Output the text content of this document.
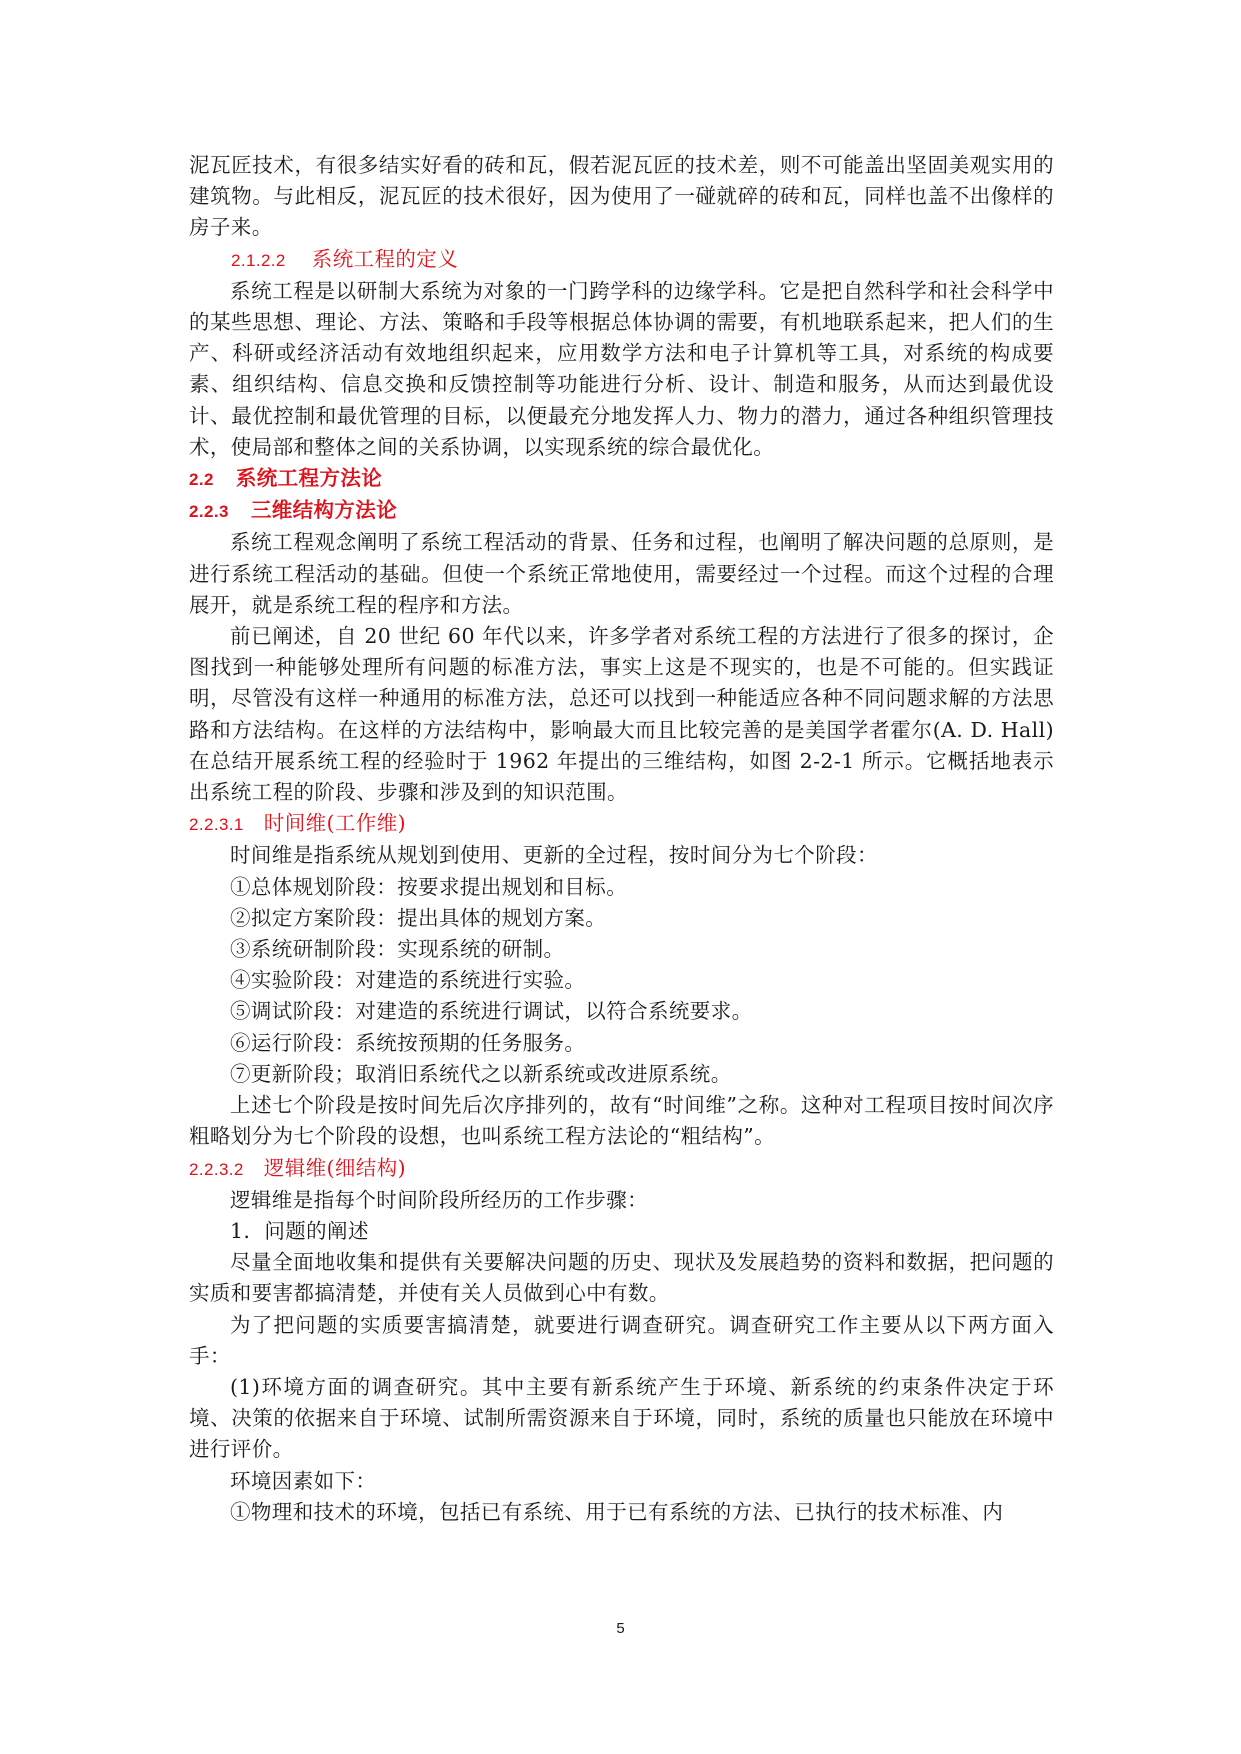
泥瓦匠技术，有很多结实好看的砖和瓦，假若泥瓦匠的技术差，则不可能盖出坚固美观实用的建筑物。与此相反，泥瓦匠的技术很好，因为使用了一碰就碎的砖和瓦，同样也盖不出像样的房子来。

2.1.2.2 系统工程的定义

系统工程是以研制大系统为对象的一门跨学科的边缘学科。它是把自然科学和社会科学中的某些思想、理论、方法、策略和手段等根据总体协调的需要，有机地联系起来，把人们的生产、科研或经济活动有效地组织起来，应用数学方法和电子计算机等工具，对系统的构成要素、组织结构、信息交换和反馈控制等功能进行分析、设计、制造和服务，从而达到最优设计、最优控制和最优管理的目标，以便最充分地发挥人力、物力的潜力，通过各种组织管理技术，使局部和整体之间的关系协调，以实现系统的综合最优化。

2.2 系统工程方法论
2.2.3 三维结构方法论

系统工程观念阐明了系统工程活动的背景、任务和过程，也阐明了解决问题的总原则，是进行系统工程活动的基础。但使一个系统正常地使用，需要经过一个过程。而这个过程的合理展开，就是系统工程的程序和方法。

前已阐述，自 20 世纪 60 年代以来，许多学者对系统工程的方法进行了很多的探讨，企图找到一种能够处理所有问题的标准方法，事实上这是不现实的，也是不可能的。但实践证明，尽管没有这样一种通用的标准方法，总还可以找到一种能适应各种不同问题求解的方法思路和方法结构。在这样的方法结构中，影响最大而且比较完善的是美国学者霍尔(A. D. Hall)在总结开展系统工程的经验时于 1962 年提出的三维结构，如图 2-2-1 所示。它概括地表示出系统工程的阶段、步骤和涉及到的知识范围。

2.2.3.1 时间维(工作维)

时间维是指系统从规划到使用、更新的全过程，按时间分为七个阶段：

①总体规划阶段：按要求提出规划和目标。

②拟定方案阶段：提出具体的规划方案。

③系统研制阶段：实现系统的研制。

④实验阶段：对建造的系统进行实验。

⑤调试阶段：对建造的系统进行调试，以符合系统要求。

⑥运行阶段：系统按预期的任务服务。

⑦更新阶段；取消旧系统代之以新系统或改进原系统。

上述七个阶段是按时间先后次序排列的，故有“时间维”之称。这种对工程项目按时间次序粗略划分为七个阶段的设想，也叫系统工程方法论的“粗结构”。

2.2.3.2 逻辑维(细结构)

逻辑维是指每个时间阶段所经历的工作步骤：

1．问题的阐述

尽量全面地收集和提供有关要解决问题的历史、现状及发展趋势的资料和数据，把问题的实质和要害都搞清楚，并使有关人员做到心中有数。

为了把问题的实质要害搞清楚，就要进行调查研究。调查研究工作主要从以下两方面入手：

(1)环境方面的调查研究。其中主要有新系统产生于环境、新系统的约束条件决定于环境、决策的依据来自于环境、试制所需资源来自于环境，同时，系统的质量也只能放在环境中进行评价。

环境因素如下：

①物理和技术的环境，包括已有系统、用于已有系统的方法、已执行的技术标准、内

5
